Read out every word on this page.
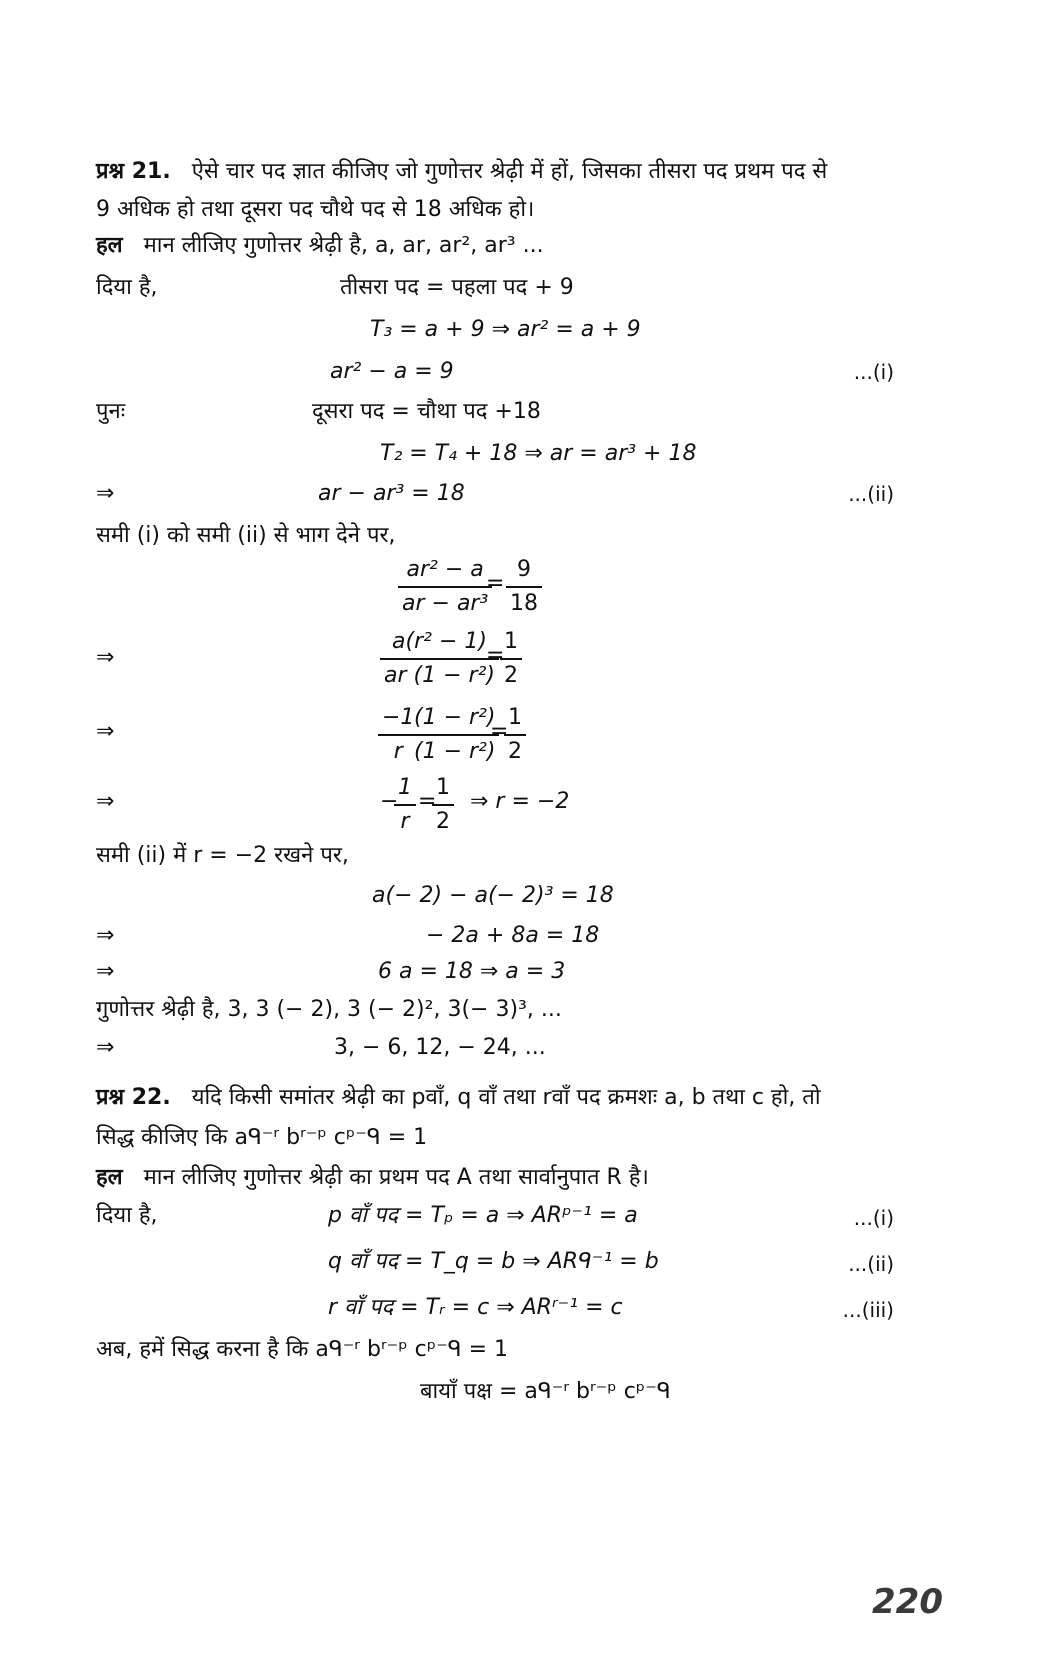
प्रश्न 21. ऐसे चार पद ज्ञात कीजिए जो गुणोत्तर श्रेढ़ी में हों, जिसका तीसरा पद प्रथम पद से
9 अधिक हो तथा दूसरा पद चौथे पद से 18 अधिक हो।
हल मान लीजिए गुणोत्तर श्रेढ़ी है, a, ar, ar², ar³ ...
दिया है,	तीसरा पद = पहला पद + 9
T₃ = a + 9 ⇒ ar² = a + 9
ar² − a = 9	...(i)
पुनः	दूसरा पद = चौथा पद +18
T₂ = T₄ + 18 ⇒ ar = ar³ + 18
⇒	ar − ar³ = 18	...(ii)
समी (i) को समी (ii) से भाग देने पर,
$\frac{\text{ar² − a}}{\text{ar − ar³}}$
= $\frac{9}{18}$
⇒	$\frac{\text{a(r² − 1)}}{\text{ar (1 − r²)}}$
=
$\frac{1}{2}$
⇒	$\frac{-1}{r}$
$\frac{\text{(1 − r²)}}{\text{(1 − r²)}}$
=
$\frac{1}{2}$
⇒	−
$\frac{1}{r}$ =
$\frac{1}{2}$ ⇒ r = −2
समी (ii) में r = −2 रखने पर,
a(− 2) − a(− 2)³ = 18
⇒	− 2a + 8a = 18
⇒	6 a = 18 ⇒ a = 3
गुणोत्तर श्रेढ़ी है, 3, 3 (− 2), 3 (− 2)², 3(− 3)³, ...
⇒	3, − 6, 12, − 24, ...
प्रश्न 22. यदि किसी समांतर श्रेढ़ी का pवाँ, q वाँ तथा rवाँ पद क्रमशः a, b तथा c हो, तो
सिद्ध कीजिए कि aᑫ⁻ʳ bʳ⁻ᵖ cᵖ⁻ᑫ = 1
हल मान लीजिए गुणोत्तर श्रेढ़ी का प्रथम पद A तथा सार्वानुपात R है।
दिया है,	p वाँ पद = Tₚ = a ⇒ ARᵖ⁻¹ = a	...(i)
q वाँ पद = T_q = b ⇒ ARᑫ⁻¹ = b	...(ii)
r वाँ पद = Tᵣ = c ⇒ ARʳ⁻¹ = c	...(iii)
अब, हमें सिद्ध करना है कि aᑫ⁻ʳ bʳ⁻ᵖ cᵖ⁻ᑫ = 1
बायाँ पक्ष = aᑫ⁻ʳ bʳ⁻ᵖ cᵖ⁻ᑫ
220
